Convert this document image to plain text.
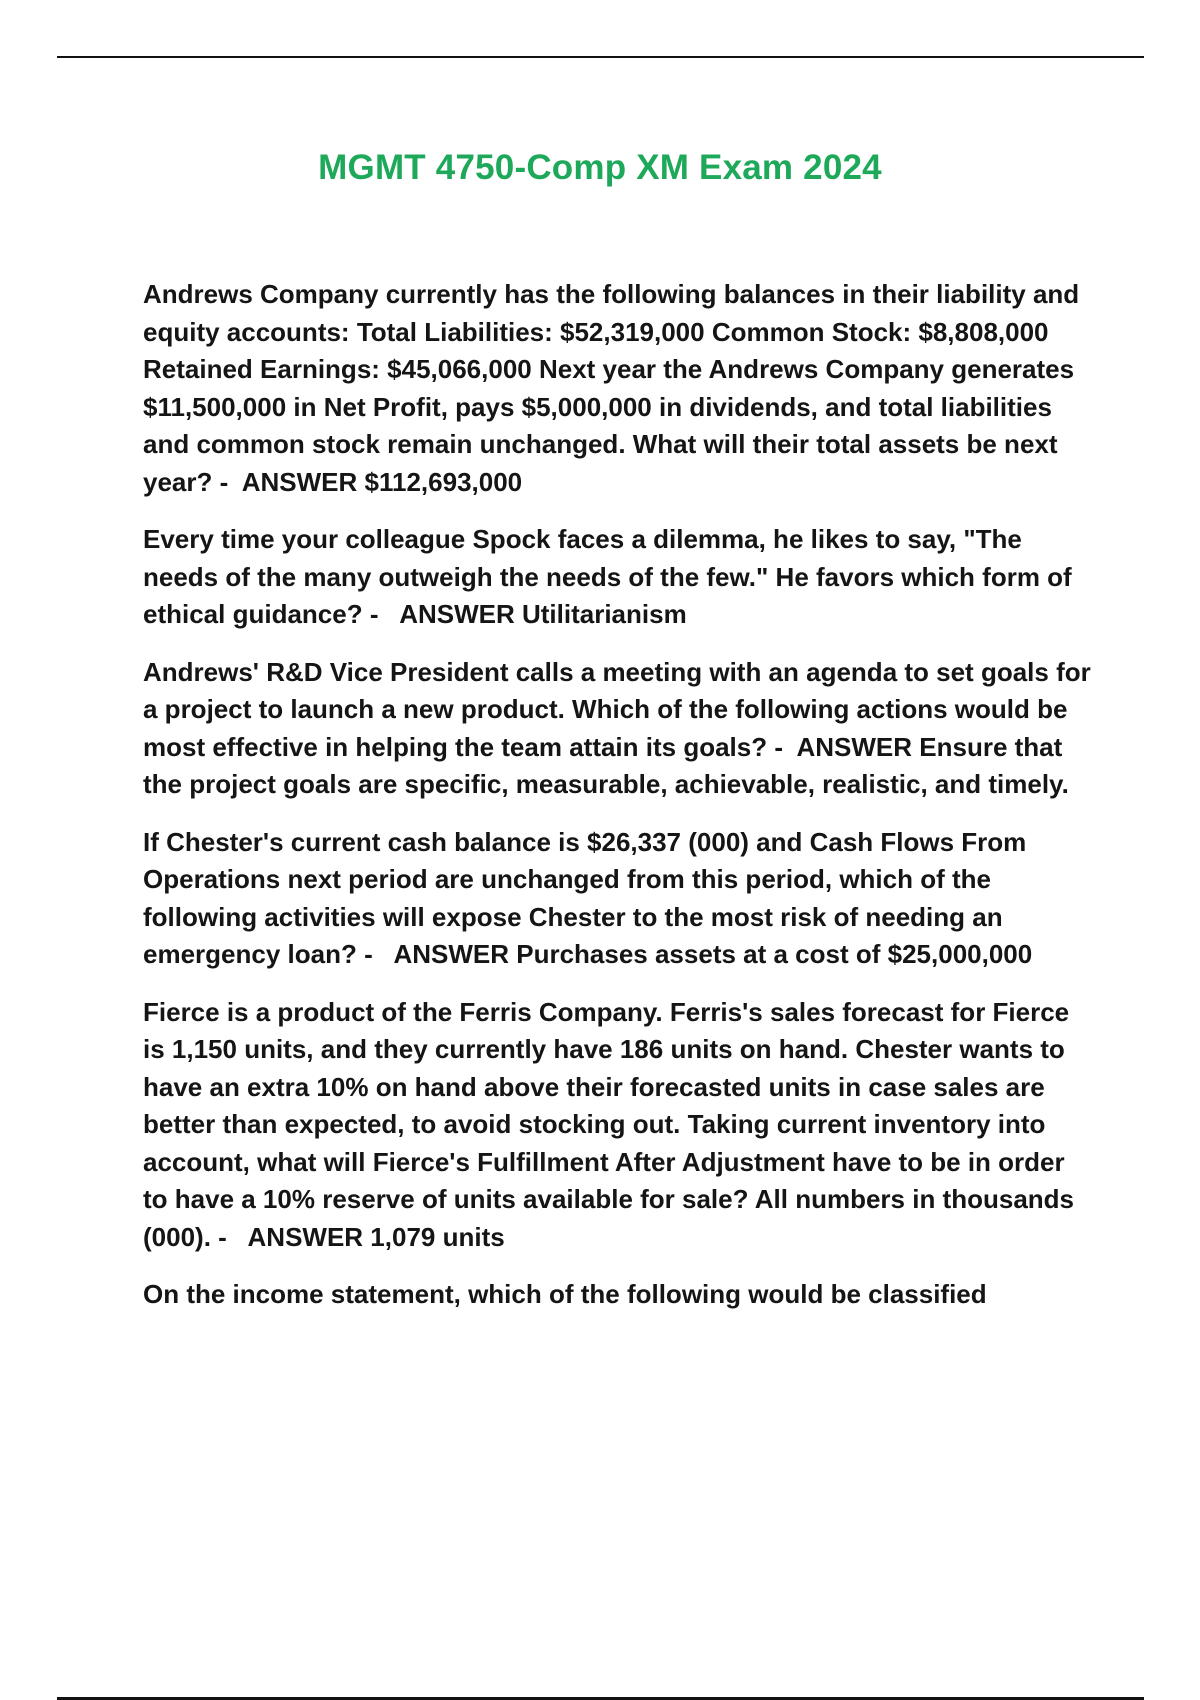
MGMT 4750-Comp XM Exam 2024

Andrews Company currently has the following balances in their liability and equity accounts: Total Liabilities: $52,319,000 Common Stock: $8,808,000 Retained Earnings: $45,066,000 Next year the Andrews Company generates $11,500,000 in Net Profit, pays $5,000,000 in dividends, and total liabilities and common stock remain unchanged. What will their total assets be next year? - ANSWER $112,693,000

Every time your colleague Spock faces a dilemma, he likes to say, "The needs of the many outweigh the needs of the few." He favors which form of ethical guidance? - ANSWER Utilitarianism

Andrews' R&D Vice President calls a meeting with an agenda to set goals for a project to launch a new product. Which of the following actions would be most effective in helping the team attain its goals? - ANSWER Ensure that the project goals are specific, measurable, achievable, realistic, and timely.

If Chester's current cash balance is $26,337 (000) and Cash Flows From Operations next period are unchanged from this period, which of the following activities will expose Chester to the most risk of needing an emergency loan? - ANSWER Purchases assets at a cost of $25,000,000

Fierce is a product of the Ferris Company. Ferris's sales forecast for Fierce is 1,150 units, and they currently have 186 units on hand. Chester wants to have an extra 10% on hand above their forecasted units in case sales are better than expected, to avoid stocking out. Taking current inventory into account, what will Fierce's Fulfillment After Adjustment have to be in order to have a 10% reserve of units available for sale? All numbers in thousands (000). - ANSWER 1,079 units

On the income statement, which of the following would be classified
